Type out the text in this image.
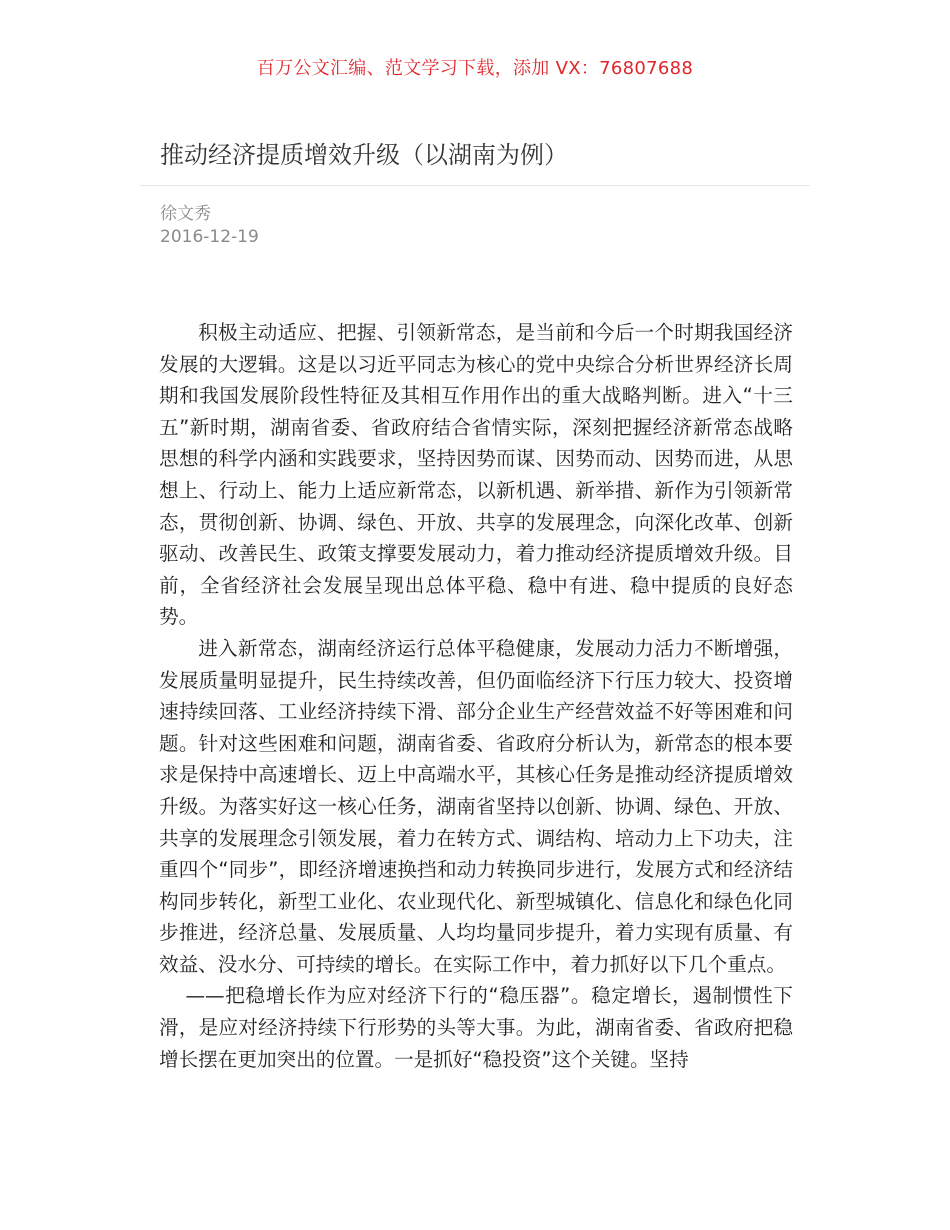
百万公文汇编、范文学习下载，添加 VX：76807688
推动经济提质增效升级（以湖南为例）
徐文秀
2016-12-19

积极主动适应、把握、引领新常态，是当前和今后一个时期我国经济发展的大逻辑。这是以习近平同志为核心的党中央综合分析世界经济长周期和我国发展阶段性特征及其相互作用作出的重大战略判断。进入“十三五”新时期，湖南省委、省政府结合省情实际，深刻把握经济新常态战略思想的科学内涵和实践要求，坚持因势而谋、因势而动、因势而进，从思想上、行动上、能力上适应新常态，以新机遇、新举措、新作为引领新常态，贯彻创新、协调、绿色、开放、共享的发展理念，向深化改革、创新驱动、改善民生、政策支撑要发展动力，着力推动经济提质增效升级。目前，全省经济社会发展呈现出总体平稳、稳中有进、稳中提质的良好态势。

进入新常态，湖南经济运行总体平稳健康，发展动力活力不断增强，发展质量明显提升，民生持续改善，但仍面临经济下行压力较大、投资增速持续回落、工业经济持续下滑、部分企业生产经营效益不好等困难和问题。针对这些困难和问题，湖南省委、省政府分析认为，新常态的根本要求是保持中高速增长、迈上中高端水平，其核心任务是推动经济提质增效升级。为落实好这一核心任务，湖南省坚持以创新、协调、绿色、开放、共享的发展理念引领发展，着力在转方式、调结构、培动力上下功夫，注重四个“同步”，即经济增速换挡和动力转换同步进行，发展方式和经济结构同步转化，新型工业化、农业现代化、新型城镇化、信息化和绿色化同步推进，经济总量、发展质量、人均均量同步提升，着力实现有质量、有效益、没水分、可持续的增长。在实际工作中，着力抓好以下几个重点。

——把稳增长作为应对经济下行的“稳压器”。稳定增长，遏制惯性下滑，是应对经济持续下行形势的头等大事。为此，湖南省委、省政府把稳增长摆在更加突出的位置。一是抓好“稳投资”这个关键。坚持
